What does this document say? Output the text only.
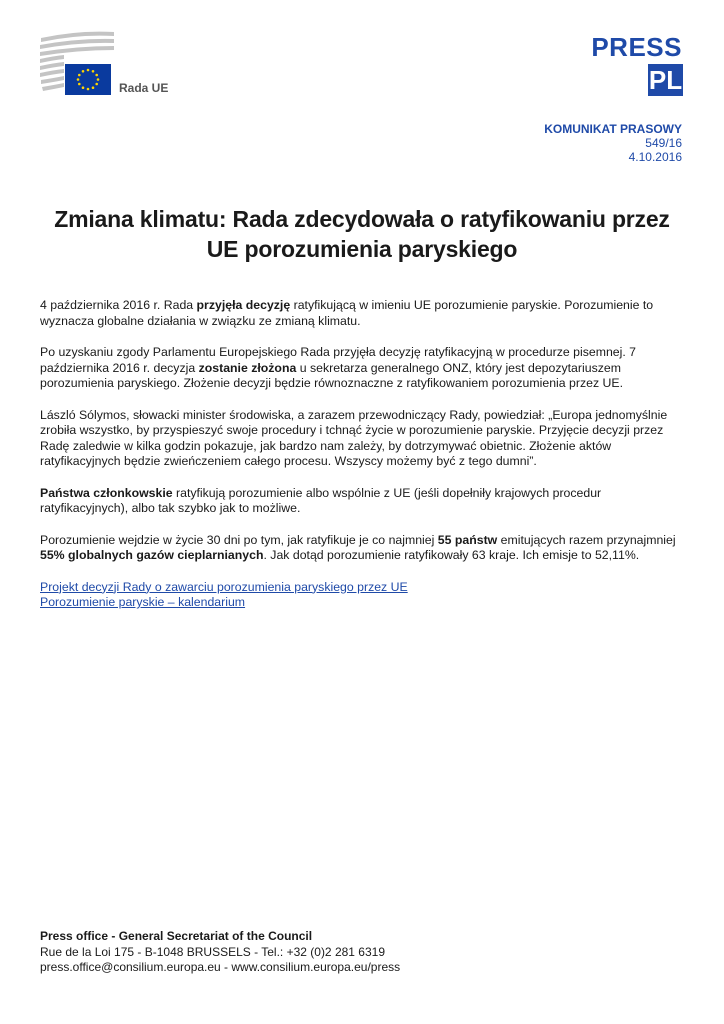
Rada UE
PRESS
PL
KOMUNIKAT PRASOWY
549/16
4.10.2016
Zmiana klimatu: Rada zdecydowała o ratyfikowaniu przez UE porozumienia paryskiego

4 października 2016 r. Rada przyjęła decyzję ratyfikującą w imieniu UE porozumienie paryskie. Porozumienie to wyznacza globalne działania w związku ze zmianą klimatu.

Po uzyskaniu zgody Parlamentu Europejskiego Rada przyjęła decyzję ratyfikacyjną w procedurze pisemnej. 7 października 2016 r. decyzja zostanie złożona u sekretarza generalnego ONZ, który jest depozytariuszem porozumienia paryskiego. Złożenie decyzji będzie równoznaczne z ratyfikowaniem porozumienia przez UE.

László Sólymos, słowacki minister środowiska, a zarazem przewodniczący Rady, powiedział: „Europa jednomyślnie zrobiła wszystko, by przyspieszyć swoje procedury i tchnąć życie w porozumienie paryskie. Przyjęcie decyzji przez Radę zaledwie w kilka godzin pokazuje, jak bardzo nam zależy, by dotrzymywać obietnic. Złożenie aktów ratyfikacyjnych będzie zwieńczeniem całego procesu. Wszyscy możemy być z tego dumni”.

Państwa członkowskie ratyfikują porozumienie albo wspólnie z UE (jeśli dopełniły krajowych procedur ratyfikacyjnych), albo tak szybko jak to możliwe.

Porozumienie wejdzie w życie 30 dni po tym, jak ratyfikuje je co najmniej 55 państw emitujących razem przynajmniej 55% globalnych gazów cieplarnianych. Jak dotąd porozumienie ratyfikowały 63 kraje. Ich emisje to 52,11%.

Projekt decyzji Rady o zawarciu porozumienia paryskiego przez UE
Porozumienie paryskie – kalendarium
Press office - General Secretariat of the Council
Rue de la Loi 175 - B-1048 BRUSSELS - Tel.: +32 (0)2 281 6319
press.office@consilium.europa.eu - www.consilium.europa.eu/press
